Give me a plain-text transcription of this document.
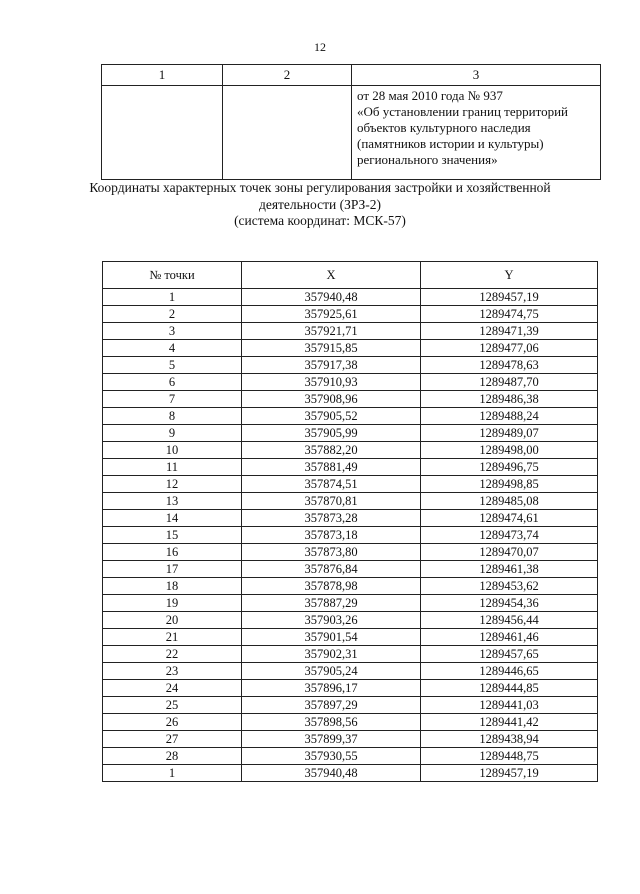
12
1	2	3

		от 28 мая 2010 года № 937
«Об установлении границ территорий
объектов культурного наследия
(памятников истории и культуры)
регионального значения»
Координаты характерных точек зоны регулирования застройки и хозяйственной
деятельности (ЗРЗ-2)
(система координат: МСК-57)
№ точки	X	Y
1	357940,48	1289457,19
2	357925,61	1289474,75
3	357921,71	1289471,39
4	357915,85	1289477,06
5	357917,38	1289478,63
6	357910,93	1289487,70
7	357908,96	1289486,38
8	357905,52	1289488,24
9	357905,99	1289489,07
10	357882,20	1289498,00
11	357881,49	1289496,75
12	357874,51	1289498,85
13	357870,81	1289485,08
14	357873,28	1289474,61
15	357873,18	1289473,74
16	357873,80	1289470,07
17	357876,84	1289461,38
18	357878,98	1289453,62
19	357887,29	1289454,36
20	357903,26	1289456,44
21	357901,54	1289461,46
22	357902,31	1289457,65
23	357905,24	1289446,65
24	357896,17	1289444,85
25	357897,29	1289441,03
26	357898,56	1289441,42
27	357899,37	1289438,94
28	357930,55	1289448,75
1	357940,48	1289457,19
